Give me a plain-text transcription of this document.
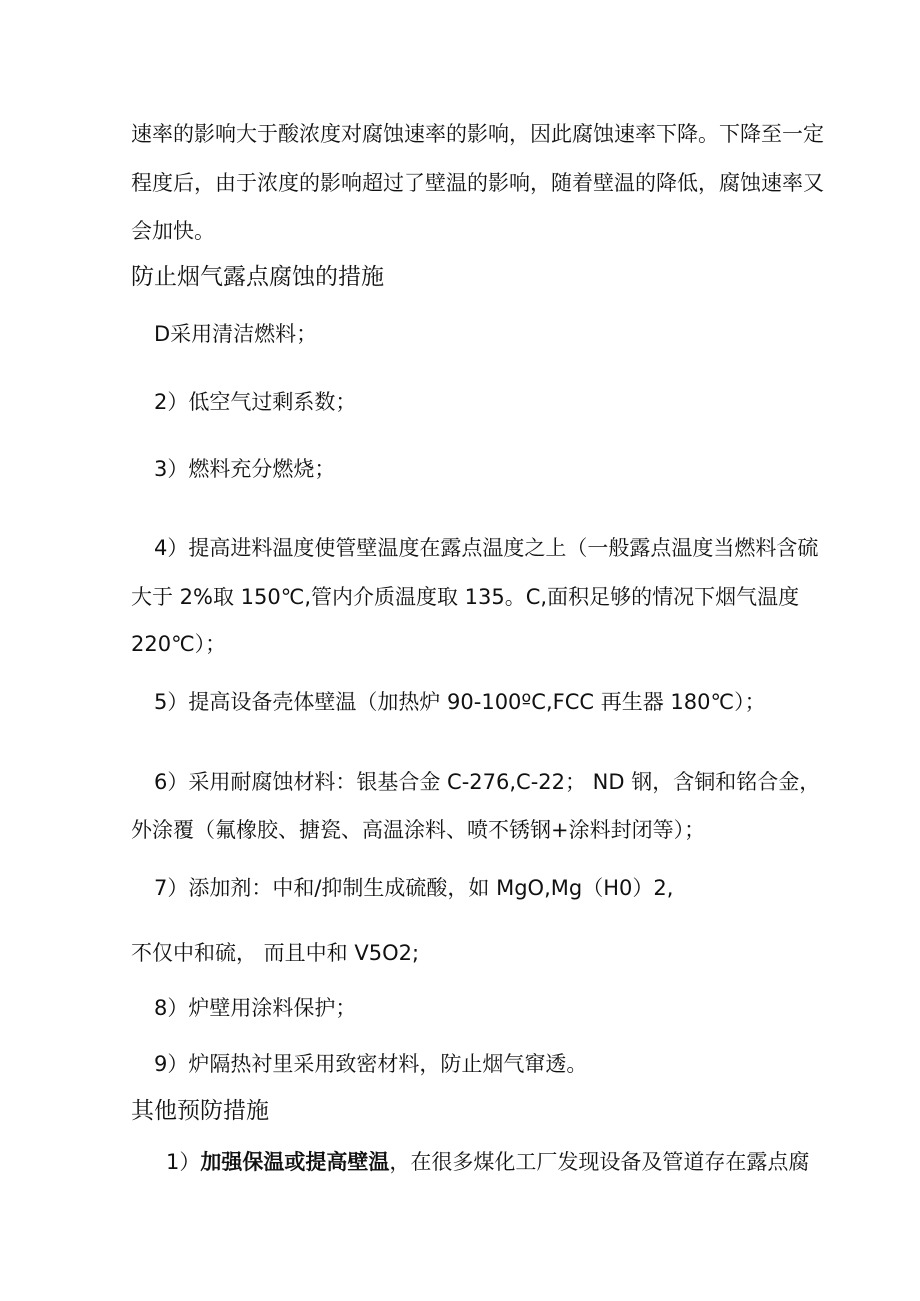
速率的影响大于酸浓度对腐蚀速率的影响，因此腐蚀速率下降。下降至一定
程度后，由于浓度的影响超过了壁温的影响，随着壁温的降低，腐蚀速率又
会加快。
防止烟气露点腐蚀的措施
D采用清洁燃料；
2）低空气过剩系数；
3）燃料充分燃烧；
4）提高进料温度使管壁温度在露点温度之上（一般露点温度当燃料含硫
大于 2%取 150℃,管内介质温度取 135。C,面积足够的情况下烟气温度
220℃）；
5）提高设备壳体壁温（加热炉 90-100ºC,FCC 再生器 180℃）；
6）采用耐腐蚀材料：银基合金 C-276,C-22； ND 钢，含铜和铭合金，
外涂覆（氟橡胶、搪瓷、高温涂料、喷不锈钢+涂料封闭等）；
7）添加剂：中和/抑制生成硫酸，如 MgO,Mg（H0）2,
不仅中和硫， 而且中和 V5O2;
8）炉壁用涂料保护；
9）炉隔热衬里采用致密材料，防止烟气窜透。
其他预防措施
1）加强保温或提高壁温，在很多煤化工厂发现设备及管道存在露点腐
